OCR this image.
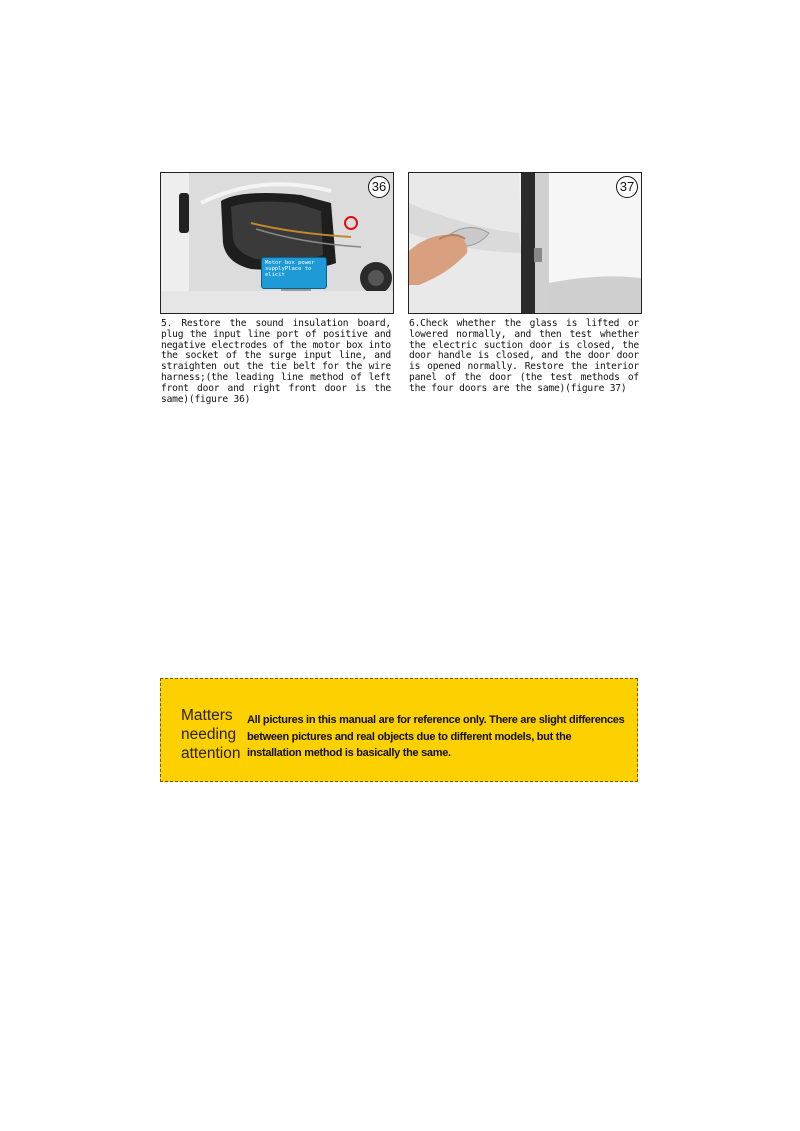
Motor box power supplyPlace to elicit
36	37
5. Restore the sound insulation board, plug the input line port of positive and negative electrodes of the motor box into the socket of the surge input line, and straighten out the tie belt for the wire harness;(the leading line method of left front door and right front door is the same)(figure 36)
6.Check whether the glass is lifted or lowered normally, and then test whether the electric suction door is closed, the door handle is closed, and the door door is opened normally. Restore the interior panel of the door (the test methods of the four doors are the same)(figure 37)
Matters
needing
attention
All pictures in this manual are for reference only. There are slight differences between pictures and real objects due to different models, but the installation method is basically the same.
